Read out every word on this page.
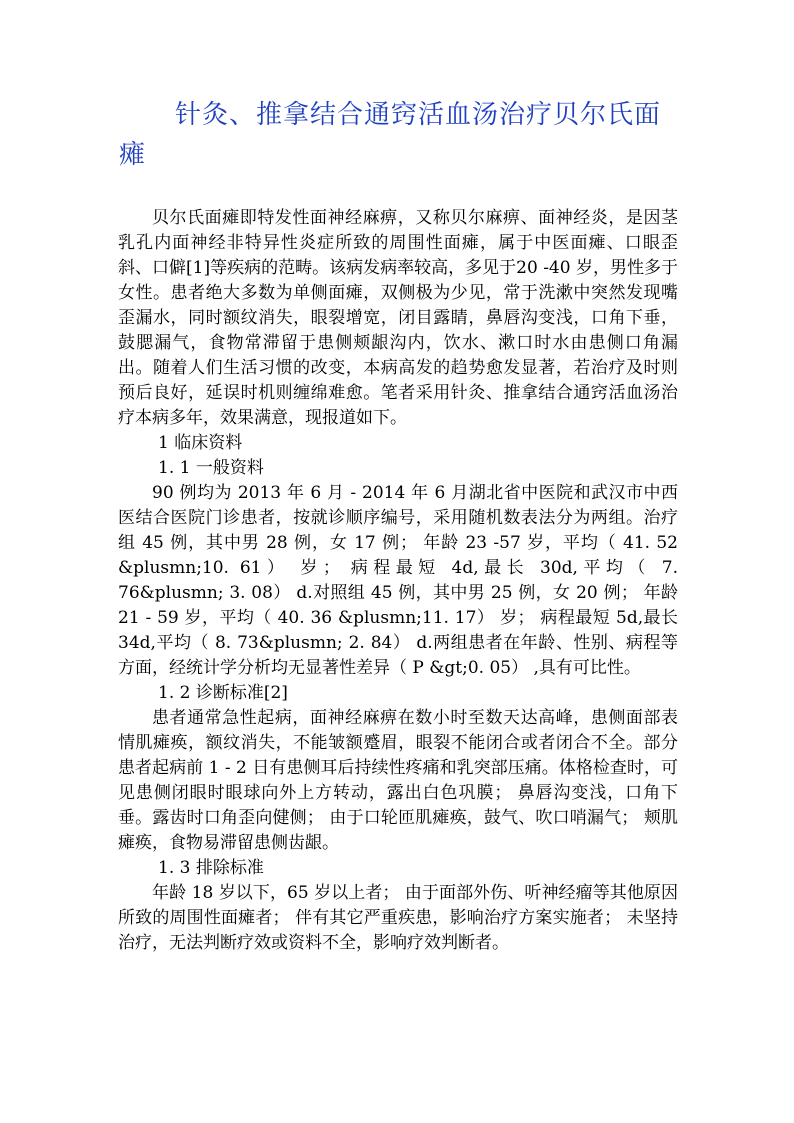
针灸、推拿结合通窍活血汤治疗贝尔氏面瘫

贝尔氏面瘫即特发性面神经麻痹，又称贝尔麻痹、面神经炎，是因茎乳孔内面神经非特异性炎症所致的周围性面瘫，属于中医面瘫、口眼歪斜、口僻[1]等疾病的范畴。该病发病率较高，多见于20 -40 岁，男性多于女性。患者绝大多数为单侧面瘫，双侧极为少见，常于洗漱中突然发现嘴歪漏水，同时额纹消失，眼裂增宽，闭目露睛，鼻唇沟变浅，口角下垂，鼓腮漏气，食物常滞留于患侧颊龈沟内，饮水、漱口时水由患侧口角漏出。随着人们生活习惯的改变，本病高发的趋势愈发显著，若治疗及时则预后良好，延误时机则缠绵难愈。笔者采用针灸、推拿结合通窍活血汤治疗本病多年，效果满意，现报道如下。

1 临床资料

1. 1 一般资料

90 例均为 2013 年 6 月 - 2014 年 6 月湖北省中医院和武汉市中西医结合医院门诊患者，按就诊顺序编号，采用随机数表法分为两组。治疗组 45 例，其中男 28 例，女 17 例； 年龄 23 -57 岁，平均（ 41. 52 &plusmn;10. 61） 岁； 病程最短 4d,最长 30d,平均（ 7. 76&plusmn; 3. 08） d.对照组 45 例，其中男 25 例，女 20 例； 年龄 21 - 59 岁，平均（ 40. 36 &plusmn;11. 17） 岁； 病程最短 5d,最长 34d,平均（ 8. 73&plusmn; 2. 84） d.两组患者在年龄、性别、病程等方面，经统计学分析均无显著性差异（ P &gt;0. 05） ,具有可比性。

1. 2 诊断标准[2]

患者通常急性起病，面神经麻痹在数小时至数天达高峰，患侧面部表情肌瘫痪，额纹消失，不能皱额蹙眉，眼裂不能闭合或者闭合不全。部分患者起病前 1 - 2 日有患侧耳后持续性疼痛和乳突部压痛。体格检查时，可见患侧闭眼时眼球向外上方转动，露出白色巩膜； 鼻唇沟变浅，口角下垂。露齿时口角歪向健侧； 由于口轮匝肌瘫痪，鼓气、吹口哨漏气； 颊肌瘫痪，食物易滞留患侧齿龈。

1. 3 排除标准

年龄 18 岁以下，65 岁以上者； 由于面部外伤、听神经瘤等其他原因所致的周围性面瘫者； 伴有其它严重疾患，影响治疗方案实施者； 未坚持治疗，无法判断疗效或资料不全，影响疗效判断者。
